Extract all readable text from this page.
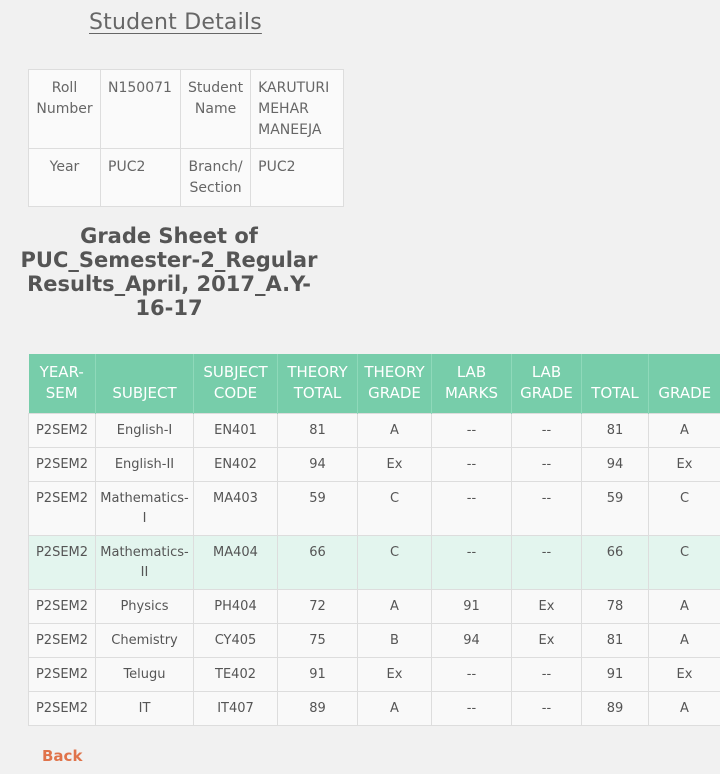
Student Details
Roll Number	N150071	Student Name	KARUTURI MEHAR MANEEJA
Year	PUC2	Branch/ Section	PUC2
Grade Sheet of
PUC_Semester-2_Regular
Results_April, 2017_A.Y-
16-17
YEAR-SEM	SUBJECT	SUBJECT CODE	THEORY TOTAL	THEORY GRADE	LAB MARKS	LAB GRADE	TOTAL	GRADE
P2SEM2	English-I	EN401	81	A	--	--	81	A
P2SEM2	English-II	EN402	94	Ex	--	--	94	Ex
P2SEM2	Mathematics-I	MA403	59	C	--	--	59	C
P2SEM2	Mathematics-II	MA404	66	C	--	--	66	C
P2SEM2	Physics	PH404	72	A	91	Ex	78	A
P2SEM2	Chemistry	CY405	75	B	94	Ex	81	A
P2SEM2	Telugu	TE402	91	Ex	--	--	91	Ex
P2SEM2	IT	IT407	89	A	--	--	89	A
Back
